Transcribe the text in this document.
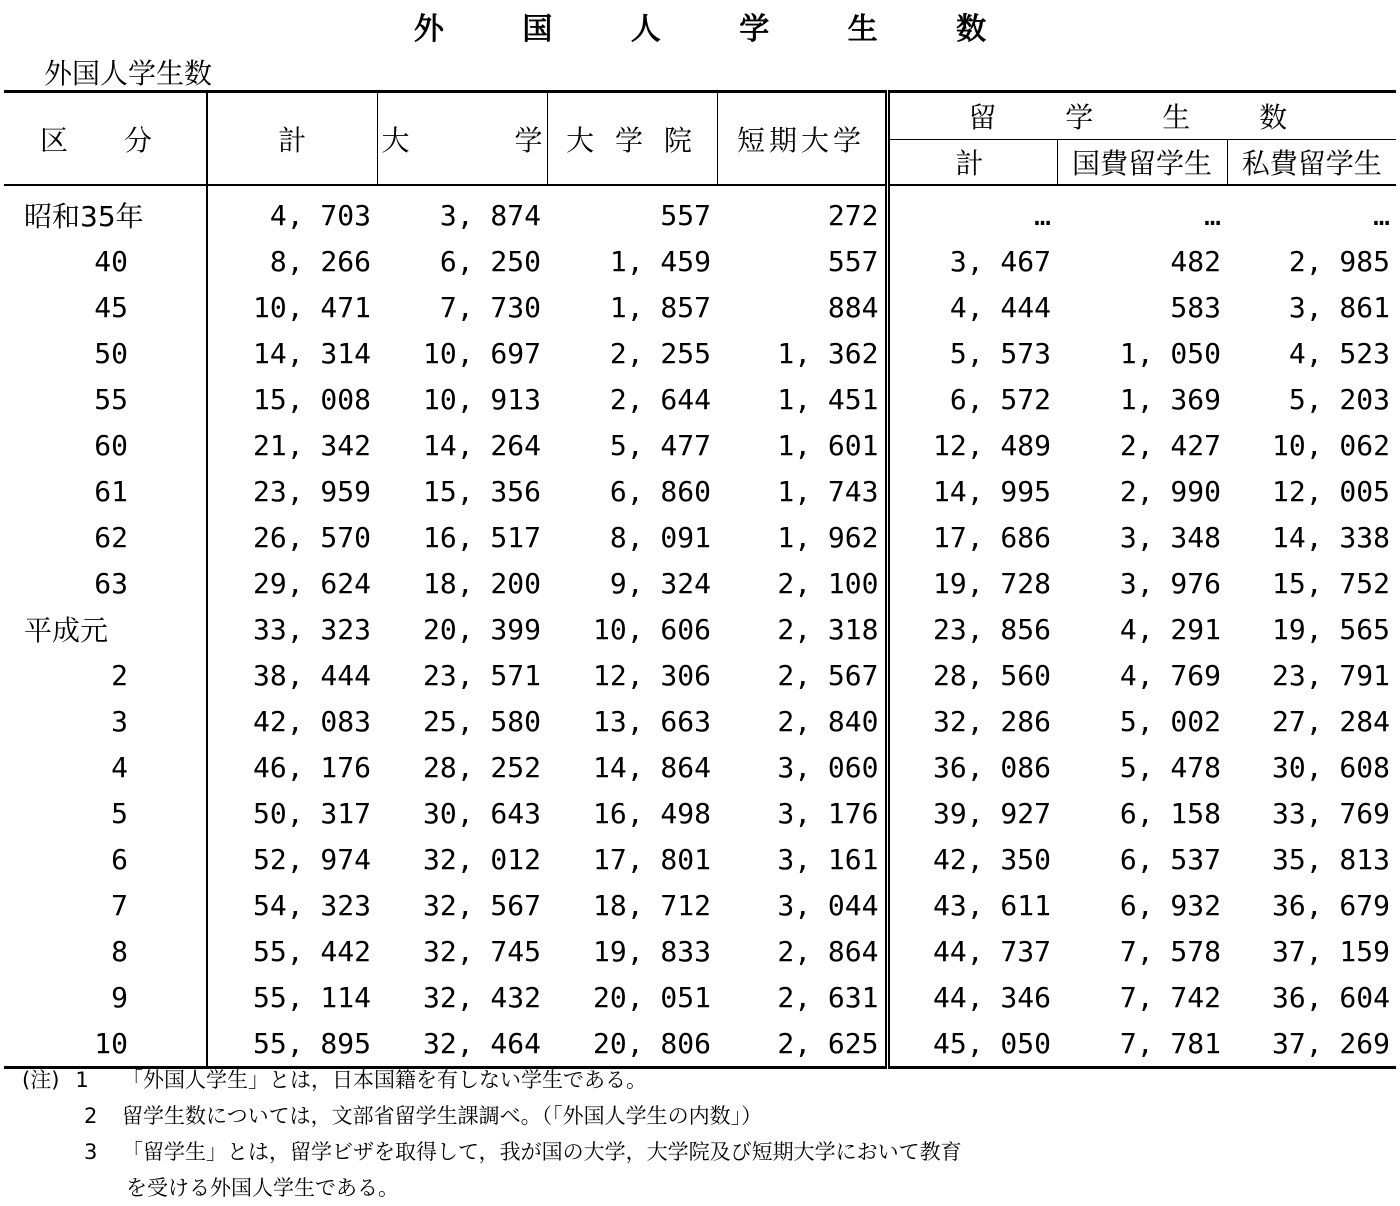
外 国 人 学 生 数
外国人学生数
区 分	計	大 学	大 学 院	短期大学	留 学 生 数		
					計	国費留学生	私費留学生
昭和35年	4, 703	3, 874	557	272	…	…	…
40	8, 266	6, 250	1, 459	557	3, 467	482	2, 985
45	10, 471	7, 730	1, 857	884	4, 444	583	3, 861
50	14, 314	10, 697	2, 255	1, 362	5, 573	1, 050	4, 523
55	15, 008	10, 913	2, 644	1, 451	6, 572	1, 369	5, 203
60	21, 342	14, 264	5, 477	1, 601	12, 489	2, 427	10, 062
61	23, 959	15, 356	6, 860	1, 743	14, 995	2, 990	12, 005
62	26, 570	16, 517	8, 091	1, 962	17, 686	3, 348	14, 338
63	29, 624	18, 200	9, 324	2, 100	19, 728	3, 976	15, 752
平成元	33, 323	20, 399	10, 606	2, 318	23, 856	4, 291	19, 565
2	38, 444	23, 571	12, 306	2, 567	28, 560	4, 769	23, 791
3	42, 083	25, 580	13, 663	2, 840	32, 286	5, 002	27, 284
4	46, 176	28, 252	14, 864	3, 060	36, 086	5, 478	30, 608
5	50, 317	30, 643	16, 498	3, 176	39, 927	6, 158	33, 769
6	52, 974	32, 012	17, 801	3, 161	42, 350	6, 537	35, 813
7	54, 323	32, 567	18, 712	3, 044	43, 611	6, 932	36, 679
8	55, 442	32, 745	19, 833	2, 864	44, 737	7, 578	37, 159
9	55, 114	32, 432	20, 051	2, 631	44, 346	7, 742	36, 604
10	55, 895	32, 464	20, 806	2, 625	45, 050	7, 781	37, 269
(注) 1	「外国人学生」とは，日本国籍を有しない学生である。
2	留学生数については，文部省留学生課調べ。（「外国人学生の内数」）
3	「留学生」とは，留学ビザを取得して，我が国の大学，大学院及び短期大学において教育
を受ける外国人学生である。
